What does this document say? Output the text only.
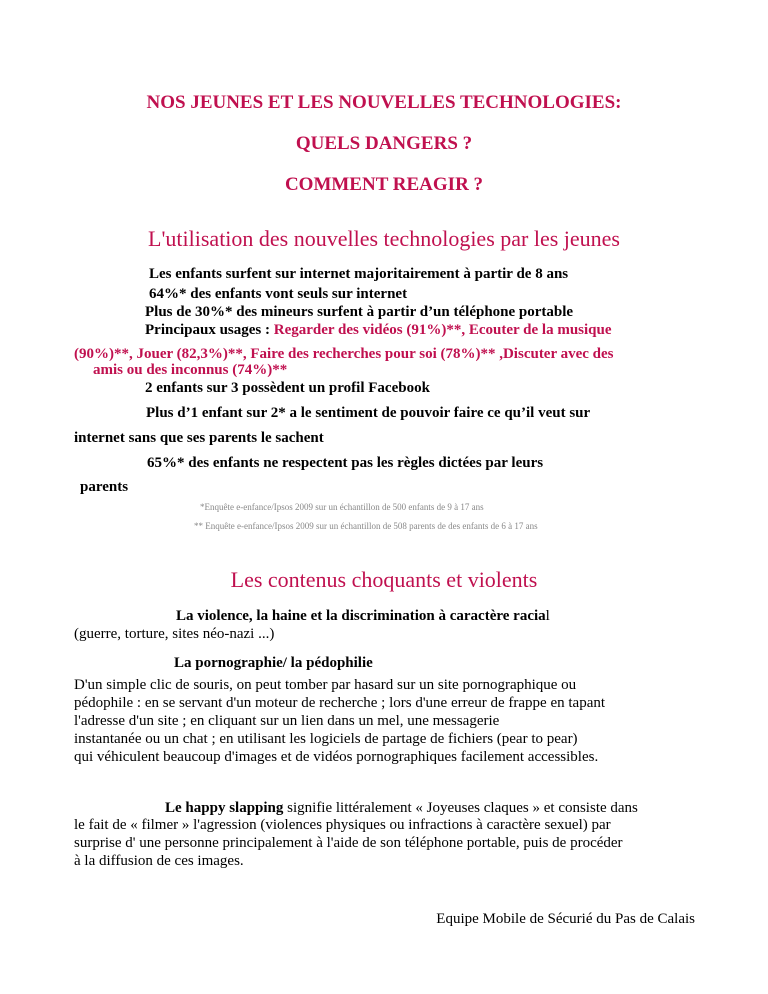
NOS JEUNES ET LES NOUVELLES TECHNOLOGIES:
QUELS DANGERS ?
COMMENT REAGIR ?
L'utilisation des nouvelles technologies par les jeunes
Les enfants surfent sur internet majoritairement à partir de 8 ans
64%* des enfants vont seuls sur internet
Plus de 30%* des mineurs surfent à partir d’un téléphone portable
Principaux usages : Regarder des vidéos (91%)**, Ecouter de la musique
(90%)**, Jouer (82,3%)**, Faire des recherches pour soi (78%)** ,Discuter avec des
amis ou des inconnus (74%)**
2 enfants sur 3 possèdent un profil Facebook
Plus d’1 enfant sur 2* a le sentiment de pouvoir faire ce qu’il veut sur
internet sans que ses parents le sachent
65%* des enfants ne respectent pas les règles dictées par leurs
parents
*Enquête e-enfance/Ipsos 2009 sur un échantillon de 500 enfants de 9 à 17 ans
** Enquête e-enfance/Ipsos 2009 sur un échantillon de 508 parents de des enfants de 6 à 17 ans
Les contenus choquants et violents
La violence, la haine et la discrimination à caractère racial
(guerre, torture, sites néo-nazi ...)
La pornographie/ la pédophilie
D'un simple clic de souris, on peut tomber par hasard sur un site pornographique ou
pédophile : en se servant d'un moteur de recherche ; lors d'une erreur de frappe en tapant
l'adresse d'un site ; en cliquant sur un lien dans un mel, une messagerie
instantanée ou un chat ; en utilisant les logiciels de partage de fichiers (pear to pear)
qui véhiculent beaucoup d'images et de vidéos pornographiques facilement accessibles.
Le happy slapping signifie littéralement « Joyeuses claques » et consiste dans
le fait de « filmer » l'agression (violences physiques ou infractions à caractère sexuel) par
surprise d' une personne principalement à l'aide de son téléphone portable, puis de procéder
à la diffusion de ces images.
Equipe Mobile de Sécurié du Pas de Calais
